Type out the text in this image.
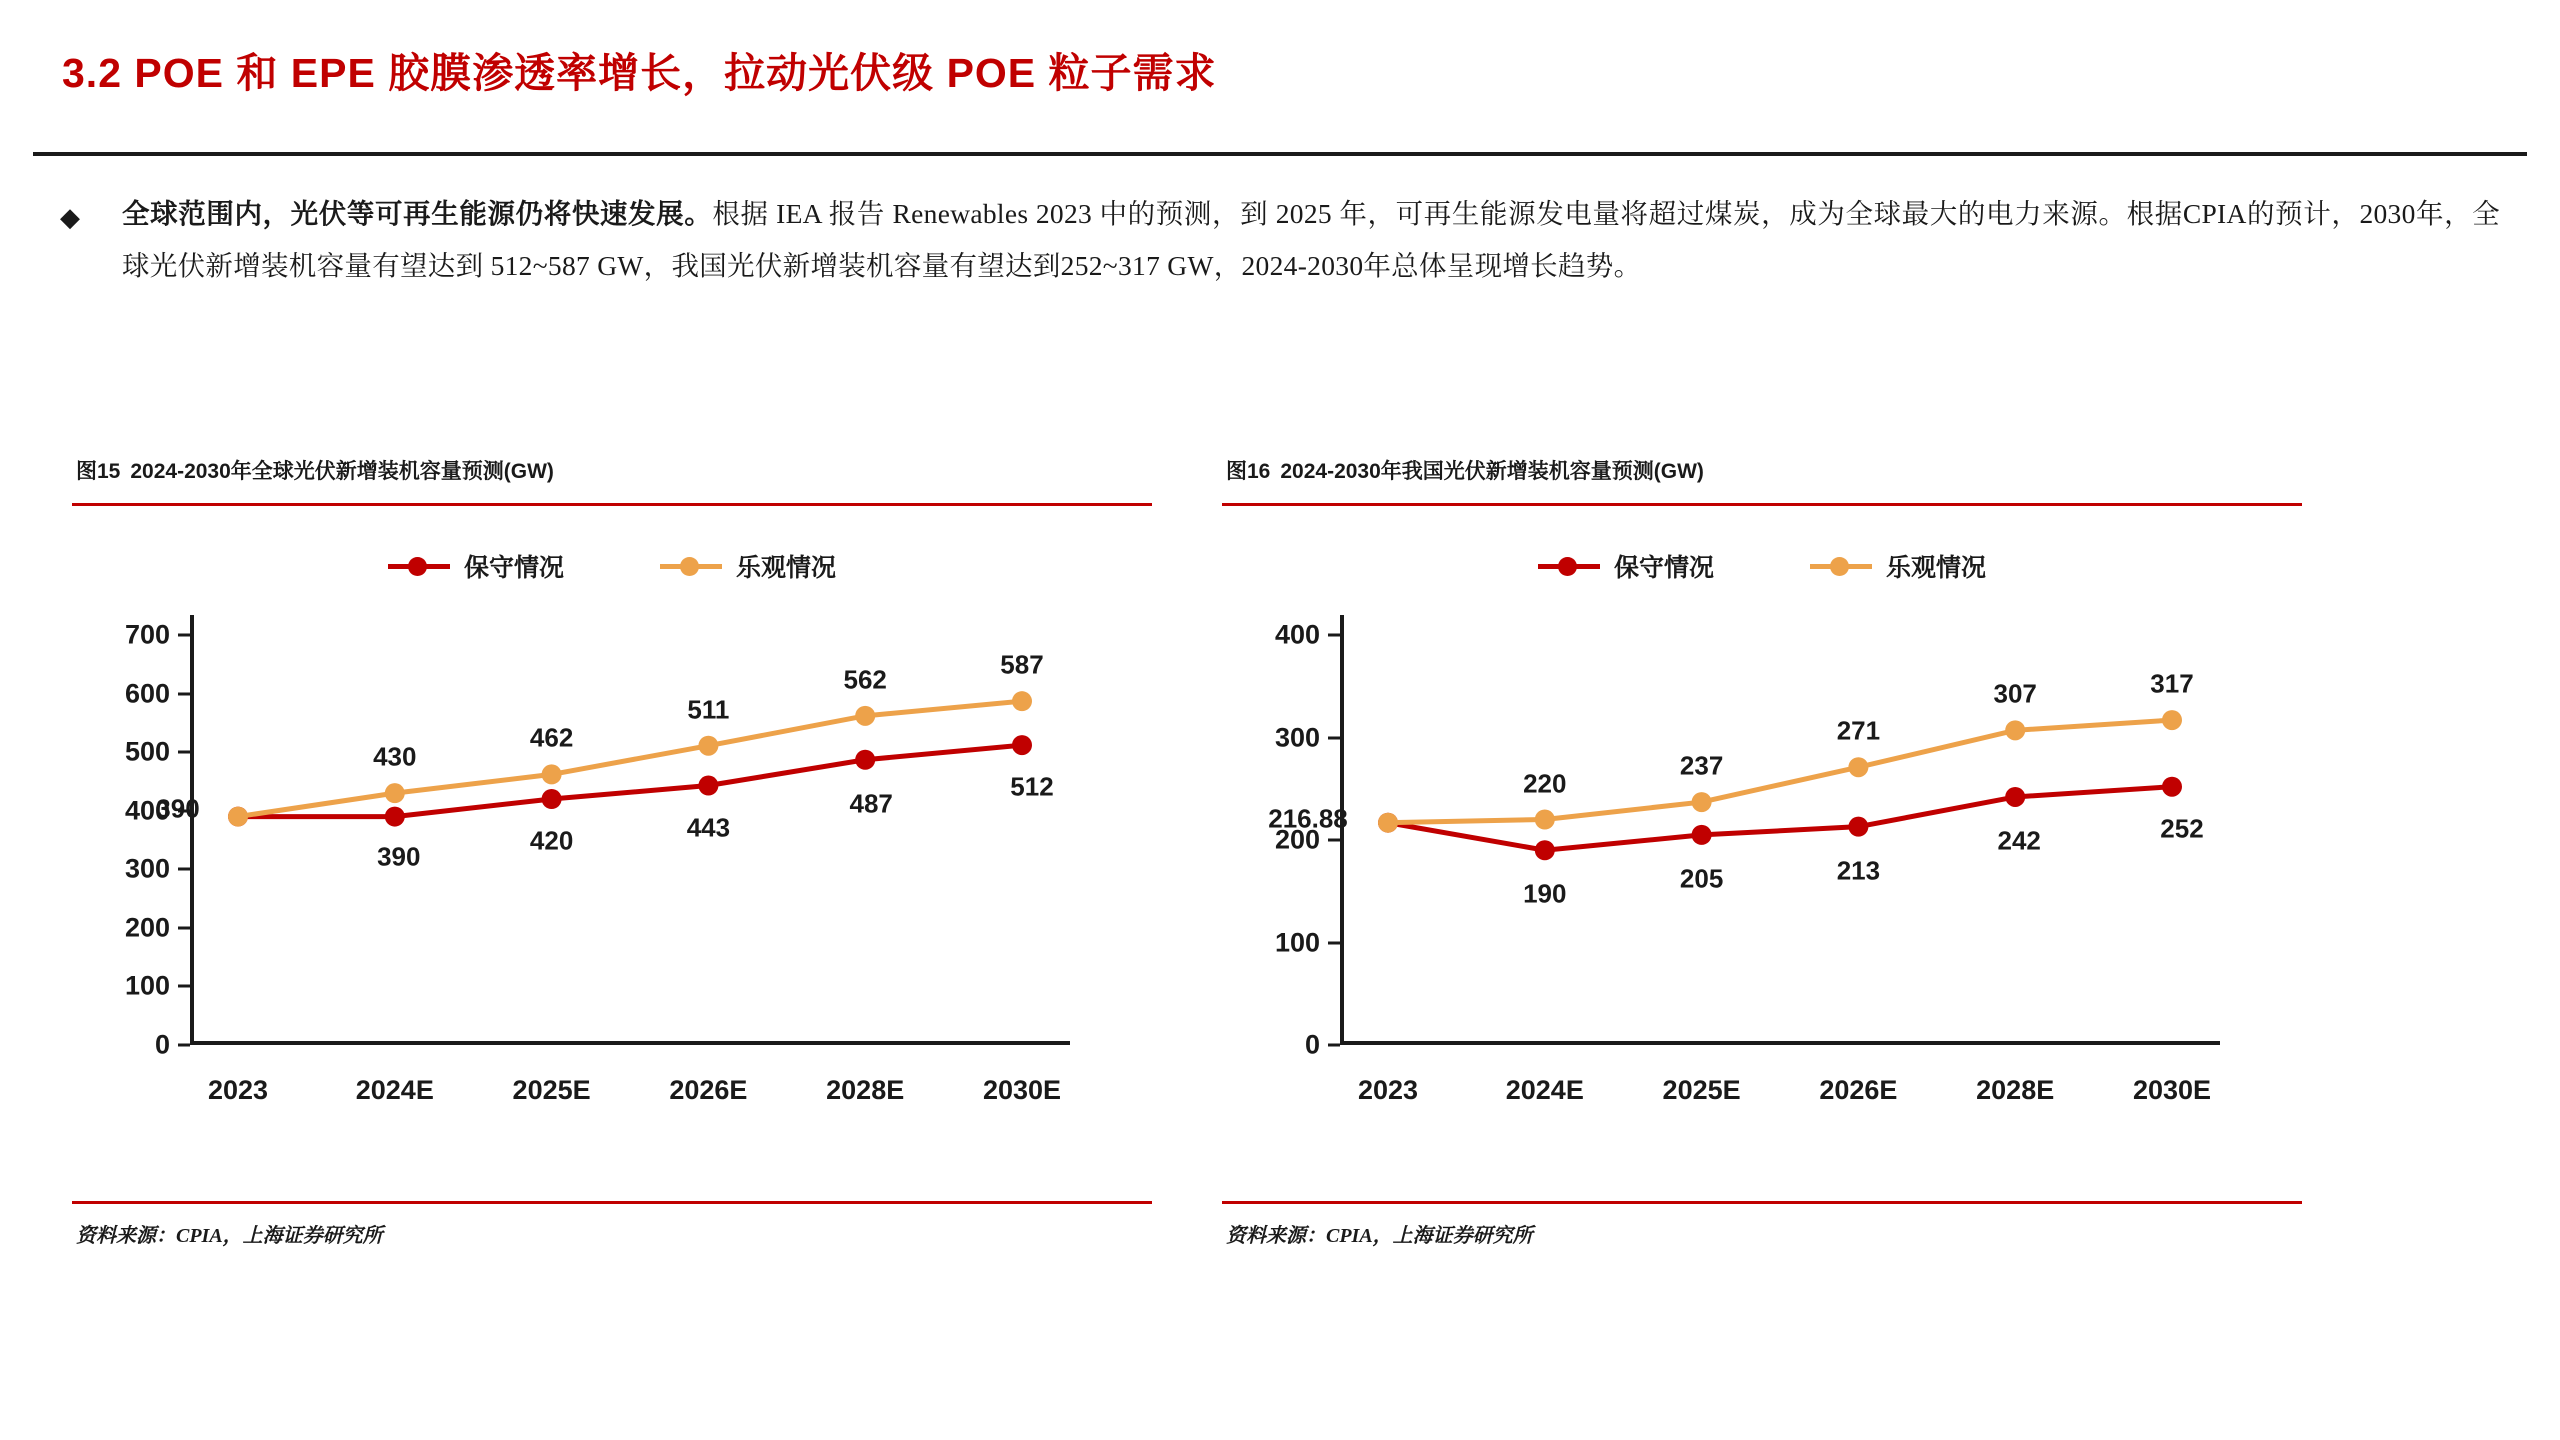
3.2 POE 和 EPE 胶膜渗透率增长，拉动光伏级 POE 粒子需求
◆ 全球范围内，光伏等可再生能源仍将快速发展。根据 IEA 报告 Renewables 2023 中的预测，到 2025 年，可再生能源发电量将超过煤炭，成为全球最大的电力来源。根据CPIA的预计，2030年，全球光伏新增装机容量有望达到 512~587 GW，我国光伏新增装机容量有望达到252~317 GW，2024-2030年总体呈现增长趋势。
图15 2024-2030年全球光伏新增装机容量预测(GW)
保守情况	乐观情况
0
100
200
300
400
500
600
700
2023	2024E	2025E	2026E	2028E	2030E
390
390
420	443
487
512
430
462
511
562	587
资料来源：CPIA，上海证券研究所
图16 2024-2030年我国光伏新增装机容量预测(GW)
保守情况	乐观情况
0
100
200
300
400
2023	2024E	2025E	2026E	2028E	2030E
216.88
190
205	213
242	252
220
237
271
307	317
资料来源：CPIA，上海证券研究所
